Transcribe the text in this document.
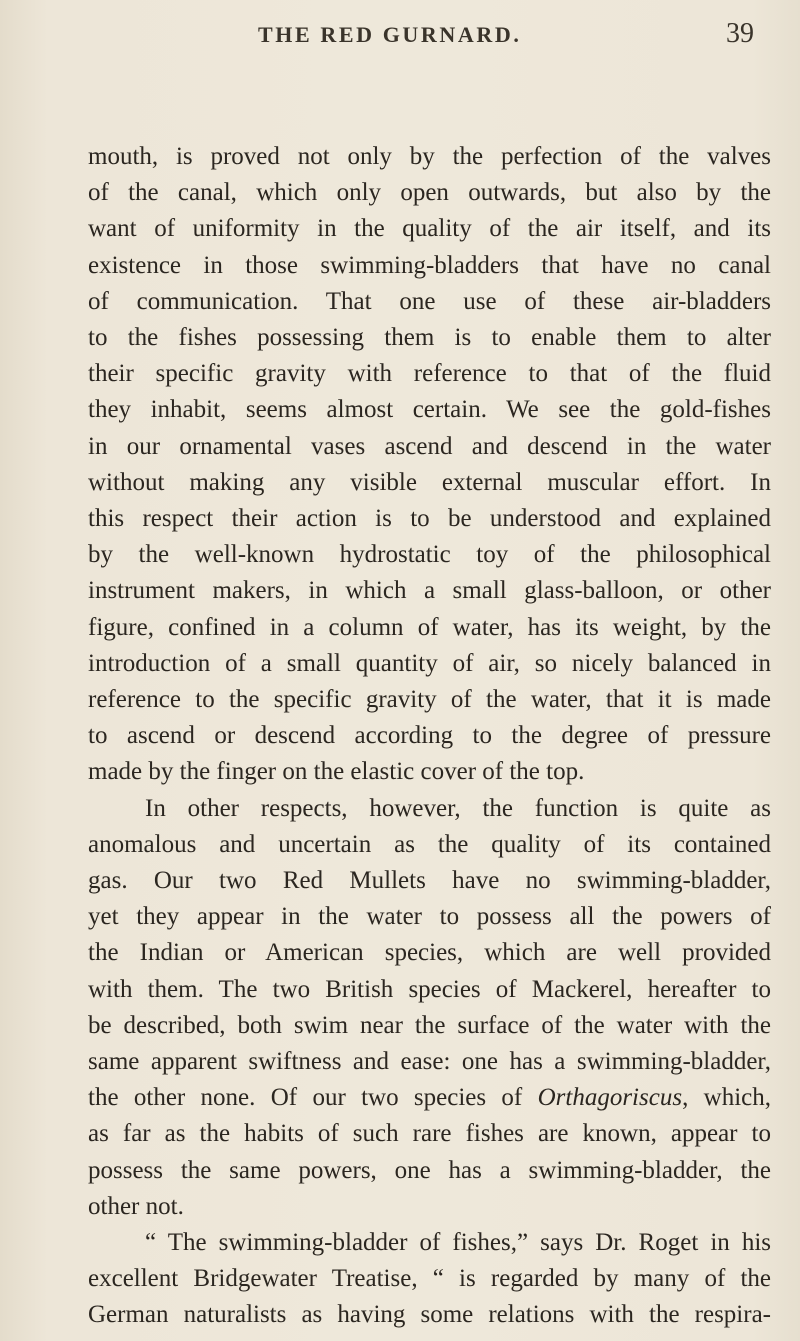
THE RED GURNARD.	39
mouth, is proved not only by the perfection of the valves
of the canal, which only open outwards, but also by the
want of uniformity in the quality of the air itself, and its
existence in those swimming-bladders that have no canal
of communication. That one use of these air-bladders
to the fishes possessing them is to enable them to alter
their specific gravity with reference to that of the fluid
they inhabit, seems almost certain. We see the gold-fishes
in our ornamental vases ascend and descend in the water
without making any visible external muscular effort. In
this respect their action is to be understood and explained
by the well-known hydrostatic toy of the philosophical
instrument makers, in which a small glass-balloon, or other
figure, confined in a column of water, has its weight, by the
introduction of a small quantity of air, so nicely balanced in
reference to the specific gravity of the water, that it is made
to ascend or descend according to the degree of pressure
made by the finger on the elastic cover of the top.
In other respects, however, the function is quite as
anomalous and uncertain as the quality of its contained
gas. Our two Red Mullets have no swimming-bladder,
yet they appear in the water to possess all the powers of
the Indian or American species, which are well provided
with them. The two British species of Mackerel, hereafter to
be described, both swim near the surface of the water with the
same apparent swiftness and ease: one has a swimming-bladder,
the other none. Of our two species of Orthagoriscus, which,
as far as the habits of such rare fishes are known, appear to
possess the same powers, one has a swimming-bladder, the
other not.
“ The swimming-bladder of fishes,” says Dr. Roget in his
excellent Bridgewater Treatise, “ is regarded by many of the
German naturalists as having some relations with the respira-
